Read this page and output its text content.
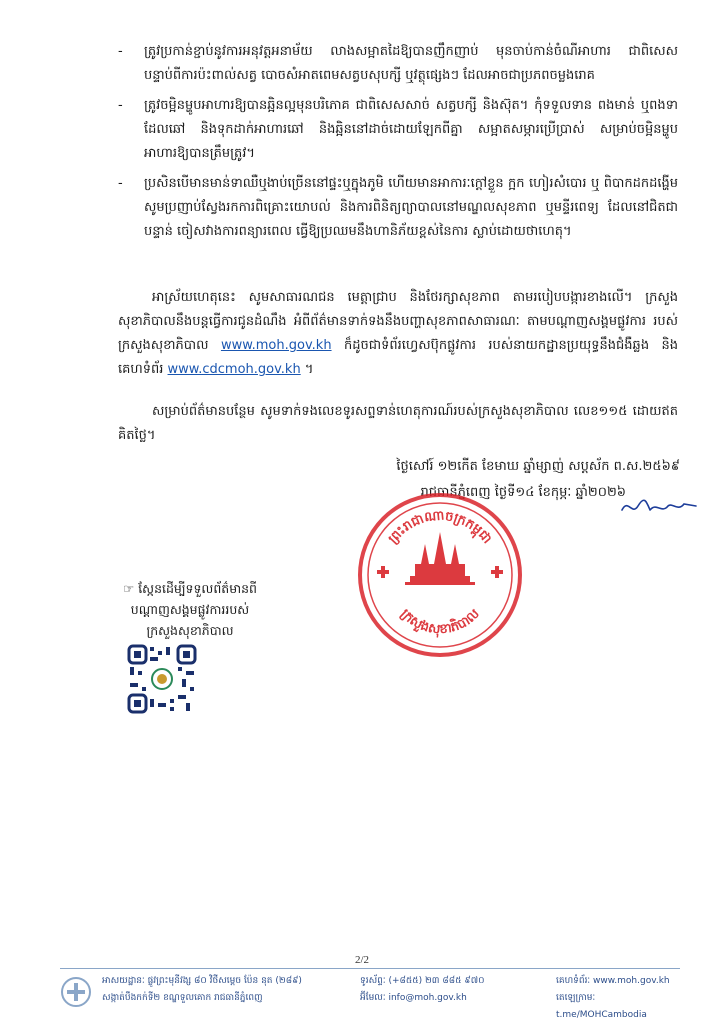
- ត្រូវប្រកាន់ខ្ជាប់នូវការអនុវត្តអនាម័យ លាងសម្អាតដៃឱ្យបានញឹកញាប់ មុនចាប់កាន់ចំណីអាហារ ជាពិសេស បន្ទាប់ពីការប៉ះពាល់សត្វ បោចសំអាតពេមសត្វបសុបក្សី ឬវត្ថុផ្សេងៗ ដែលអាចជាប្រភពចម្លងរោគ
- ត្រូវចម្អិនម្ហូបអាហារឱ្យបានឆ្អិនល្អមុនបរិភោគ ជាពិសេសសាច់ សត្វបក្សី និងស៊ុត។ កុំទទួលទាន ពងមាន់ ឬពងទាដែលឆៅ និងទុកដាក់អាហារឆៅ និងឆ្អិននៅដាច់ដោយឡែកពីគ្នា សម្អាតសម្ភារប្រើប្រាស់ សម្រាប់ចម្អិនម្ហូបអាហារឱ្យបានត្រឹមត្រូវ។
- ប្រសិនបើមានមាន់ទាឈឺឬងាប់ច្រើននៅផ្ទះឬក្នុងភូមិ ហើយមានអាការៈក្តៅខ្លួន ក្អក ហៀរសំបោរ ឬ ពិបាកដកដង្ហើម សូមប្រញាប់ស្វែងរកការពិគ្រោះយោបល់ និងការពិនិត្យព្យាបាលនៅមណ្ឌលសុខភាព ឬមន្ទីរពេទ្យ ដែលនៅជិតជាបន្ទាន់ ចៀសវាងការពន្យារពេល ធ្វើឱ្យប្រឈមនឹងហានិភ័យខ្ពស់នៃការ ស្លាប់ដោយថាហេតុ។
អាស្រ័យហេតុនេះ សូមសាធារណជន មេត្តាជ្រាប និងថែរក្សាសុខភាព តាមរបៀបបង្ការខាងលើ។ ក្រសួង សុខាភិបាលនឹងបន្តធ្វើការជូនដំណឹង អំពីព័ត៌មានទាក់ទងនឹងបញ្ហាសុខភាពសាធារណៈ តាមបណ្ដាញសង្គមផ្លូវការ របស់ក្រសួងសុខាភិបាល www.moh.gov.kh ក៏ដូចជាទំព័រហ្វេសប៊ុកផ្លូវការ របស់នាយកដ្ឋានប្រយុទ្ធនឹងជំងឺឆ្លង និងគេហទំព័រ www.cdcmoh.gov.kh ។
សម្រាប់ព័ត៌មានបន្ថែម សូមទាក់ទងលេខទូរសព្ទទាន់ហេតុការណ៍របស់ក្រសួងសុខាភិបាល លេខ១១៥ ដោយឥតគិតថ្លៃ។
ថ្ងៃសៅរ៍ ១២កើត ខែមាឃ ឆ្នាំម្សាញ់ សប្តស័ក ព.ស.២៥៦៩
រាជធានីភ្នំពេញ ថ្ងៃទី១៤ ខែកុម្ភៈ ឆ្នាំ២០២៦
ព្រះរាជាណាចក្រកម្ពុជា
ក្រសួងសុខាភិបាល
☞ ស្កែនដើម្បីទទួលព័ត៌មានពី
បណ្ដាញសង្គមផ្លូវការរបស់
ក្រសួងសុខាភិបាល
2/2
អាសយដ្ឋានៈ ផ្លូវព្រះមុនីវង្ស ៨០ វិថីសម្តេច ប៉ែន នុត (២៨៩)
សង្កាត់បឹងកក់ទី២ ខណ្ឌទួលគោក រាជធានីភ្នំពេញ
ទូរស័ព្ទៈ (+៨៥៥) ២៣ ៨៨៥ ៩៧០
អ៊ីមែលៈ info@moh.gov.kh
គេហទំព័រៈ www.moh.gov.kh
តេឡេក្រាមៈ t.me/MOHCambodia
